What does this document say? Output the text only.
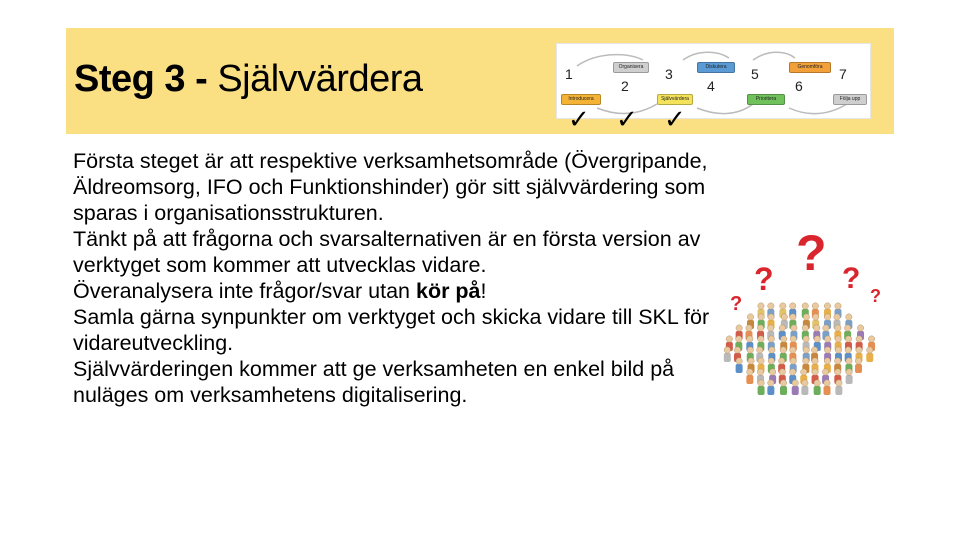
Steg 3 - Självvärdera	1
Introducera
2
Organisera	3
Självvärdera
4
Diskutera	5
Prioritera
6
Genomföra	7
Följa upp
✓ ✓ ✓

Första steget är att respektive verksamhetsområde (Övergripande, Äldreomsorg, IFO och Funktionshinder) gör sitt självvärdering som sparas i organisationsstrukturen.

Tänkt på att frågorna och svarsalternativen är en första version av verktyget som kommer att utvecklas vidare.

Överanalysera inte frågor/svar utan kör på!

Samla gärna synpunkter om verktyget och skicka vidare till SKL för vidareutveckling.

Självvärderingen kommer att ge verksamheten en enkel bild på nuläges om verksamhetens digitalisering.

?
? ?
?	?
